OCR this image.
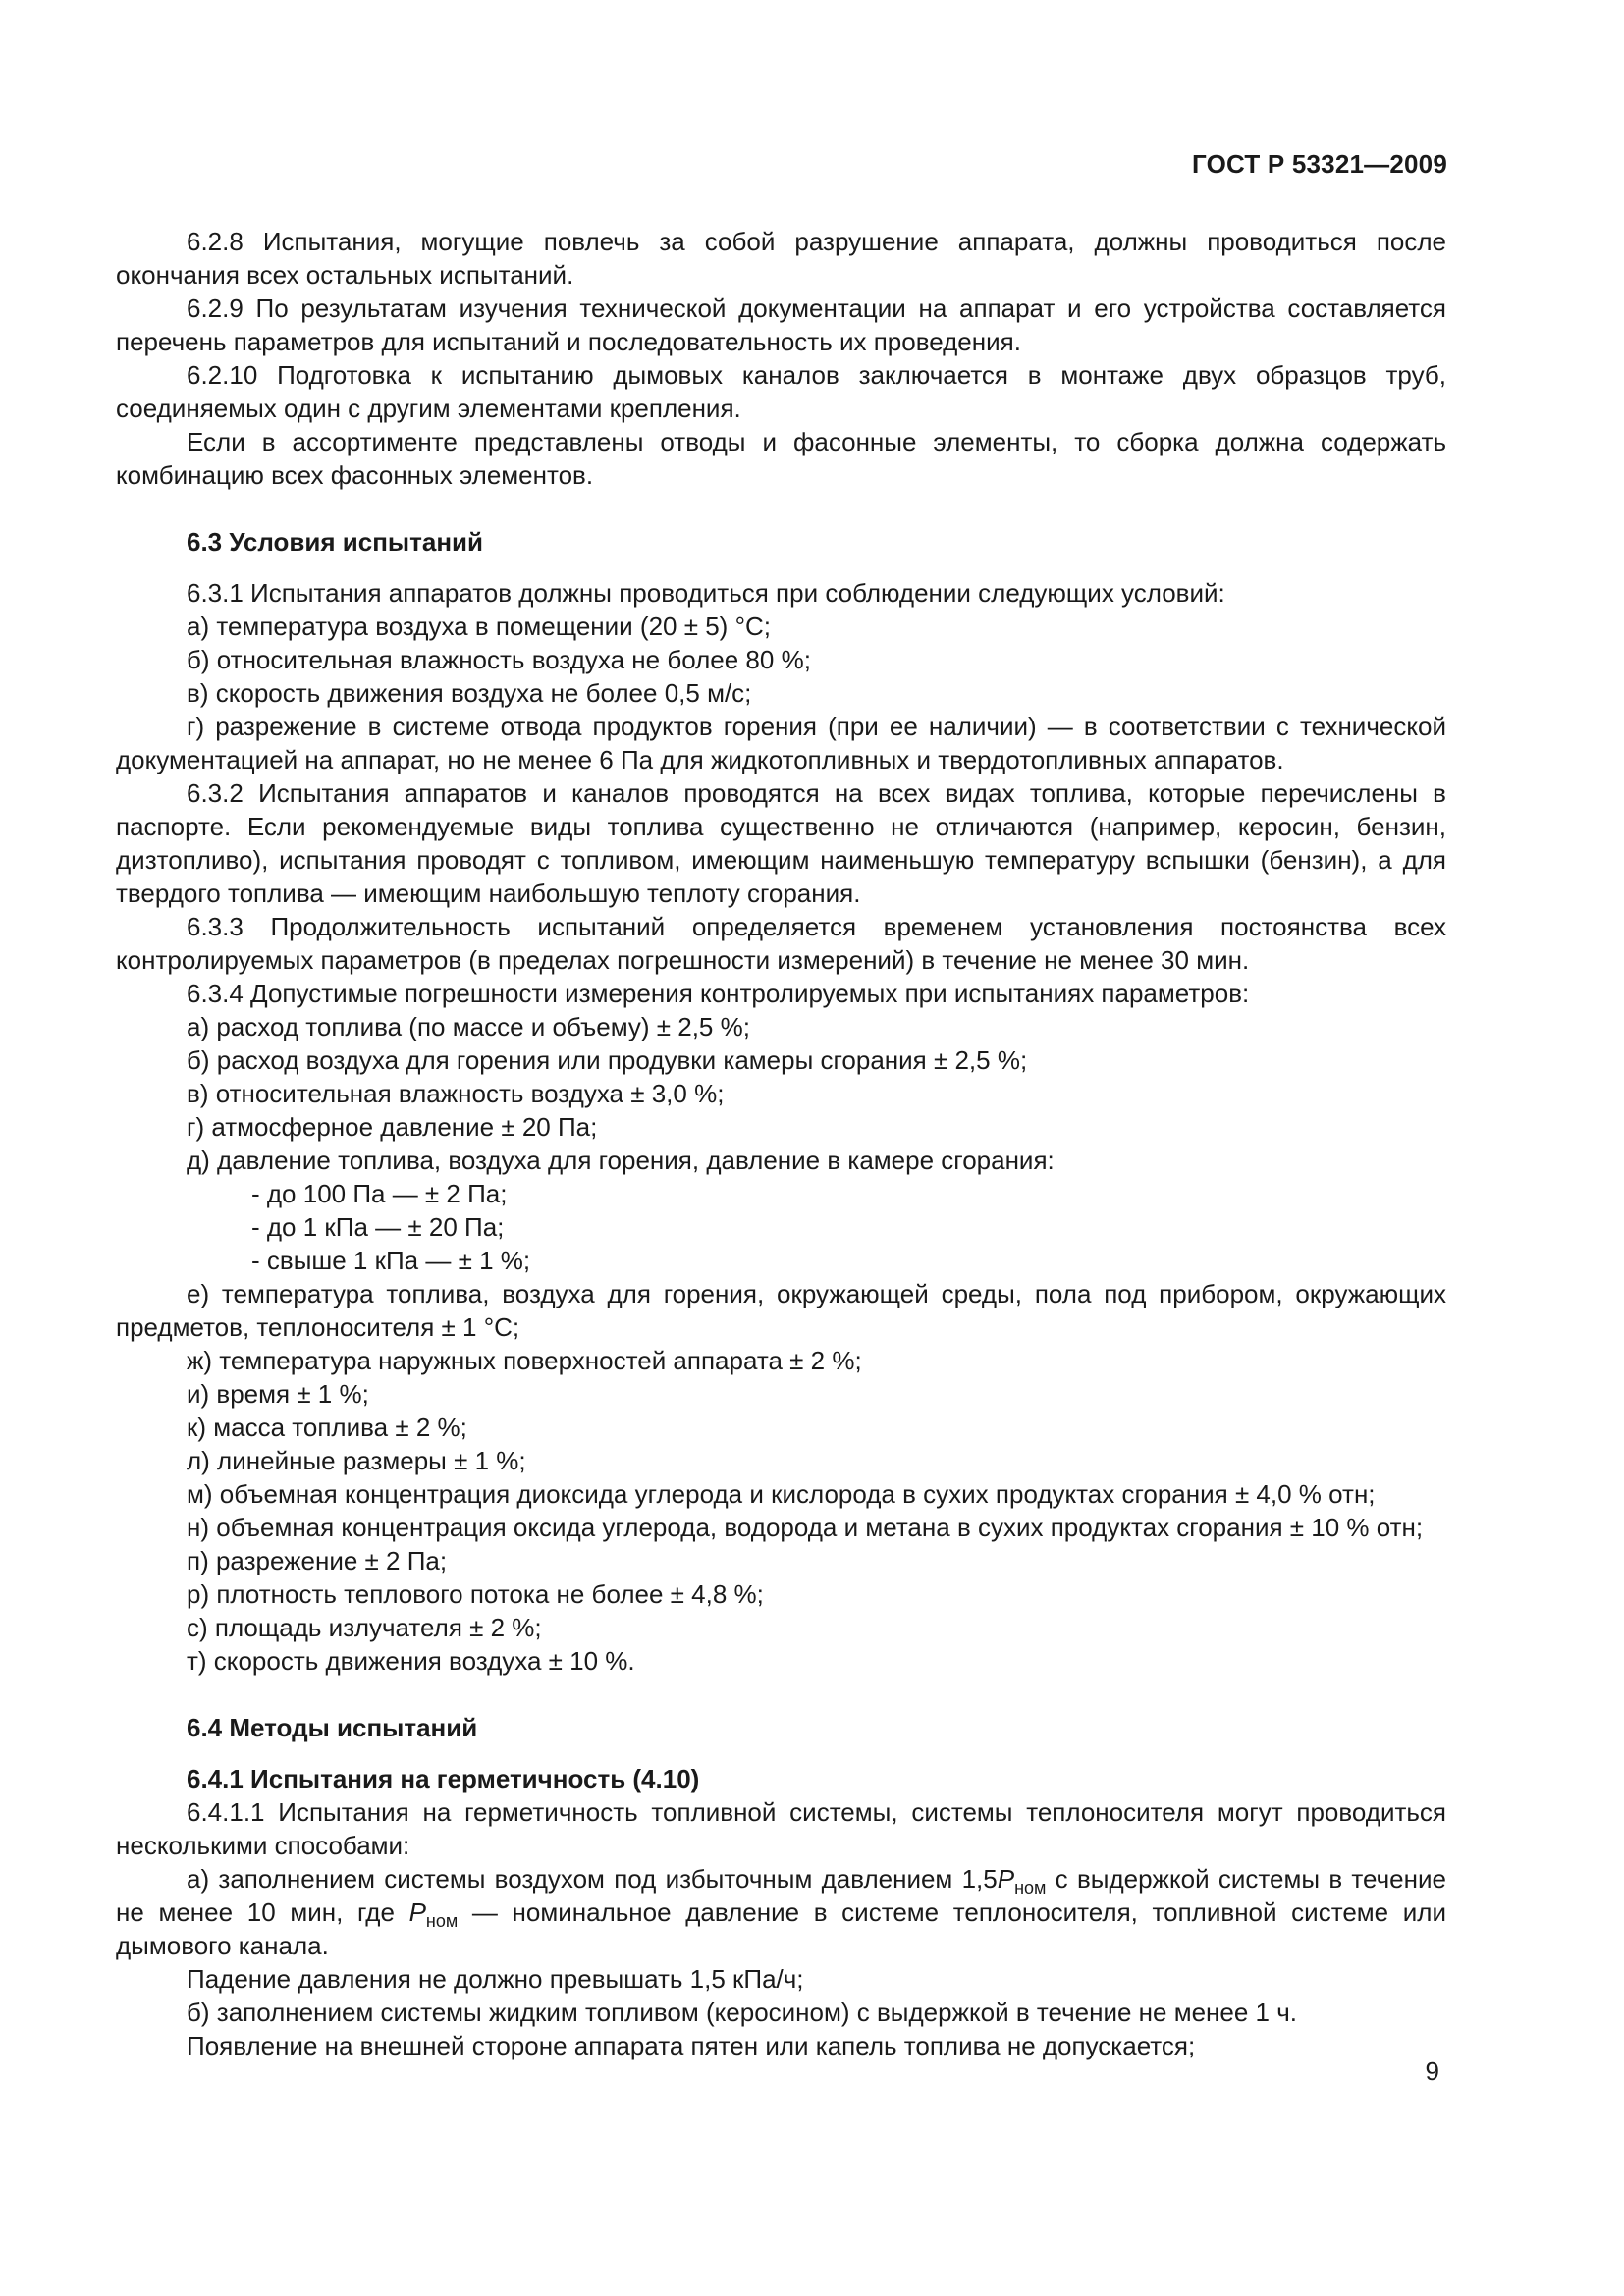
ГОСТ Р 53321—2009

6.2.8 Испытания, могущие повлечь за собой разрушение аппарата, должны проводиться после окончания всех остальных испытаний.

6.2.9 По результатам изучения технической документации на аппарат и его устройства составляется перечень параметров для испытаний и последовательность их проведения.

6.2.10 Подготовка к испытанию дымовых каналов заключается в монтаже двух образцов труб, соединяемых один с другим элементами крепления.

Если в ассортименте представлены отводы и фасонные элементы, то сборка должна содержать комбинацию всех фасонных элементов.

6.3 Условия испытаний

6.3.1 Испытания аппаратов должны проводиться при соблюдении следующих условий:

а) температура воздуха в помещении (20 ± 5) °С;

б) относительная влажность воздуха не более 80 %;

в) скорость движения воздуха не более 0,5 м/с;

г) разрежение в системе отвода продуктов горения (при ее наличии) — в соответствии с технической документацией на аппарат, но не менее 6 Па для жидкотопливных и твердотопливных аппаратов.

6.3.2 Испытания аппаратов и каналов проводятся на всех видах топлива, которые перечислены в паспорте. Если рекомендуемые виды топлива существенно не отличаются (например, керосин, бензин, дизтопливо), испытания проводят с топливом, имеющим наименьшую температуру вспышки (бензин), а для твердого топлива — имеющим наибольшую теплоту сгорания.

6.3.3 Продолжительность испытаний определяется временем установления постоянства всех контролируемых параметров (в пределах погрешности измерений) в течение не менее 30 мин.

6.3.4 Допустимые погрешности измерения контролируемых при испытаниях параметров:

а) расход топлива (по массе и объему) ± 2,5 %;

б) расход воздуха для горения или продувки камеры сгорания ± 2,5 %;

в) относительная влажность воздуха ± 3,0 %;

г) атмосферное давление ± 20 Па;

д) давление топлива, воздуха для горения, давление в камере сгорания:

- до 100 Па — ± 2 Па;

- до 1 кПа — ± 20 Па;

- свыше 1 кПа — ± 1 %;

е) температура топлива, воздуха для горения, окружающей среды, пола под прибором, окружающих предметов, теплоносителя ± 1 °С;

ж) температура наружных поверхностей аппарата ± 2 %;

и) время ± 1 %;

к) масса топлива ± 2 %;

л) линейные размеры ± 1 %;

м) объемная концентрация диоксида углерода и кислорода в сухих продуктах сгорания ± 4,0 % отн;

н) объемная концентрация оксида углерода, водорода и метана в сухих продуктах сгорания ± 10 % отн;

п) разрежение ± 2 Па;

р) плотность теплового потока не более ± 4,8 %;

с) площадь излучателя ± 2 %;

т) скорость движения воздуха ± 10 %.

6.4 Методы испытаний

6.4.1 Испытания на герметичность (4.10)

6.4.1.1 Испытания на герметичность топливной системы, системы теплоносителя могут проводиться несколькими способами:

а) заполнением системы воздухом под избыточным давлением $1,5P_{ном}$ с выдержкой системы в течение не менее 10 мин, где $P_{ном}$ — номинальное давление в системе теплоносителя, топливной системе или дымового канала.

Падение давления не должно превышать 1,5 кПа/ч;

б) заполнением системы жидким топливом (керосином) с выдержкой в течение не менее 1 ч.

Появление на внешней стороне аппарата пятен или капель топлива не допускается;

9
